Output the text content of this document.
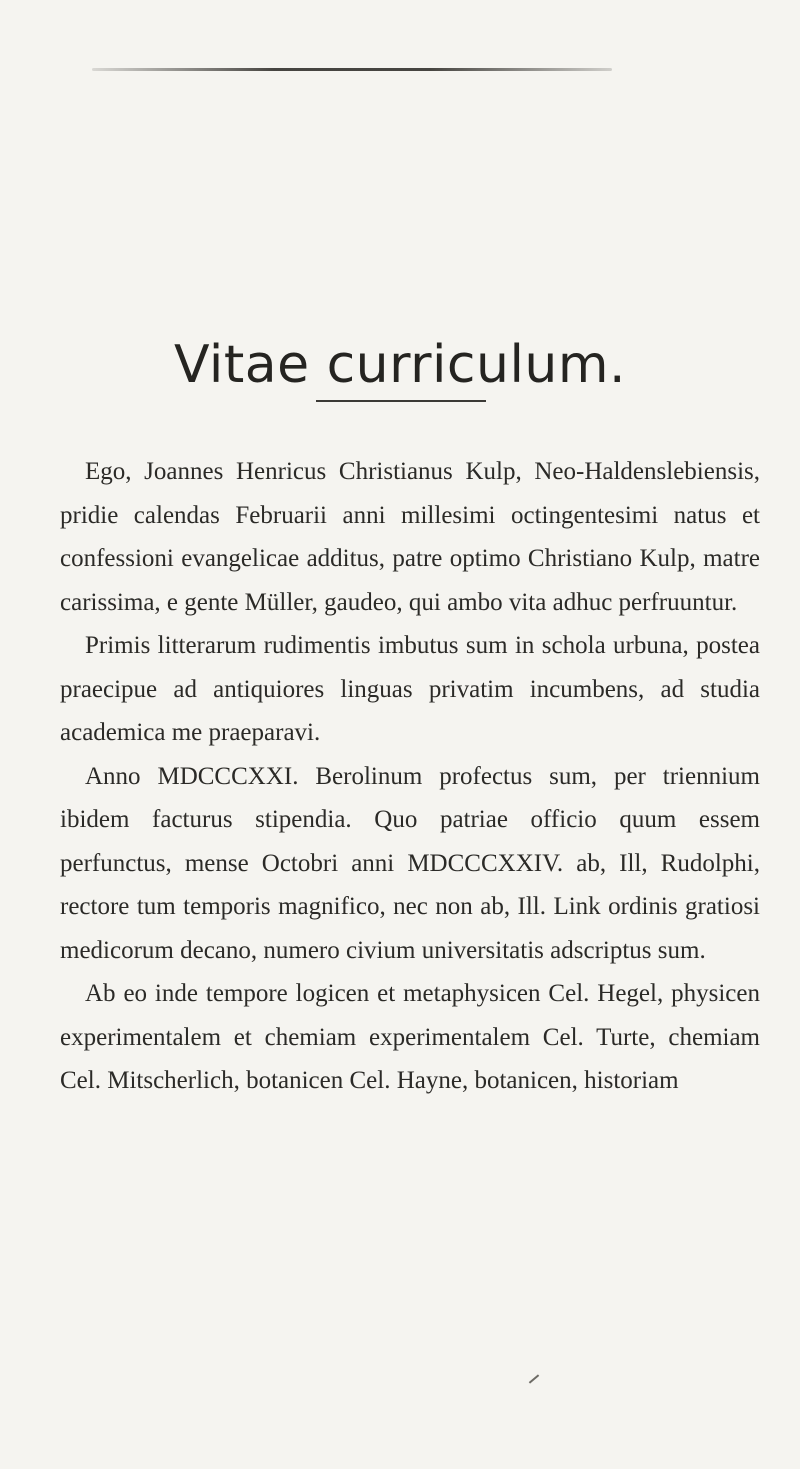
Vitae curriculum.

Ego, Joannes Henricus Christianus Kulp, Neo-Haldenslebiensis, pridie calendas Februarii anni millesimi octingentesimi natus et confessioni evangelicae additus, patre optimo Christiano Kulp, matre carissima, e gente Müller, gaudeo, qui ambo vita adhuc perfruuntur.

Primis litterarum rudimentis imbutus sum in schola urbuna, postea praecipue ad antiquiores linguas privatim incumbens, ad studia academica me praeparavi.

Anno MDCCCXXI. Berolinum profectus sum, per triennium ibidem facturus stipendia. Quo patriae officio quum essem perfunctus, mense Octobri anni MDCCCXXIV. ab, Ill, Rudolphi, rectore tum temporis magnifico, nec non ab, Ill. Link ordinis gratiosi medicorum decano, numero civium universitatis adscriptus sum.

Ab eo inde tempore logicen et metaphysicen Cel. Hegel, physicen experimentalem et chemiam experimentalem Cel. Turte, chemiam Cel. Mitscherlich, botanicen Cel. Hayne, botanicen, historiam
